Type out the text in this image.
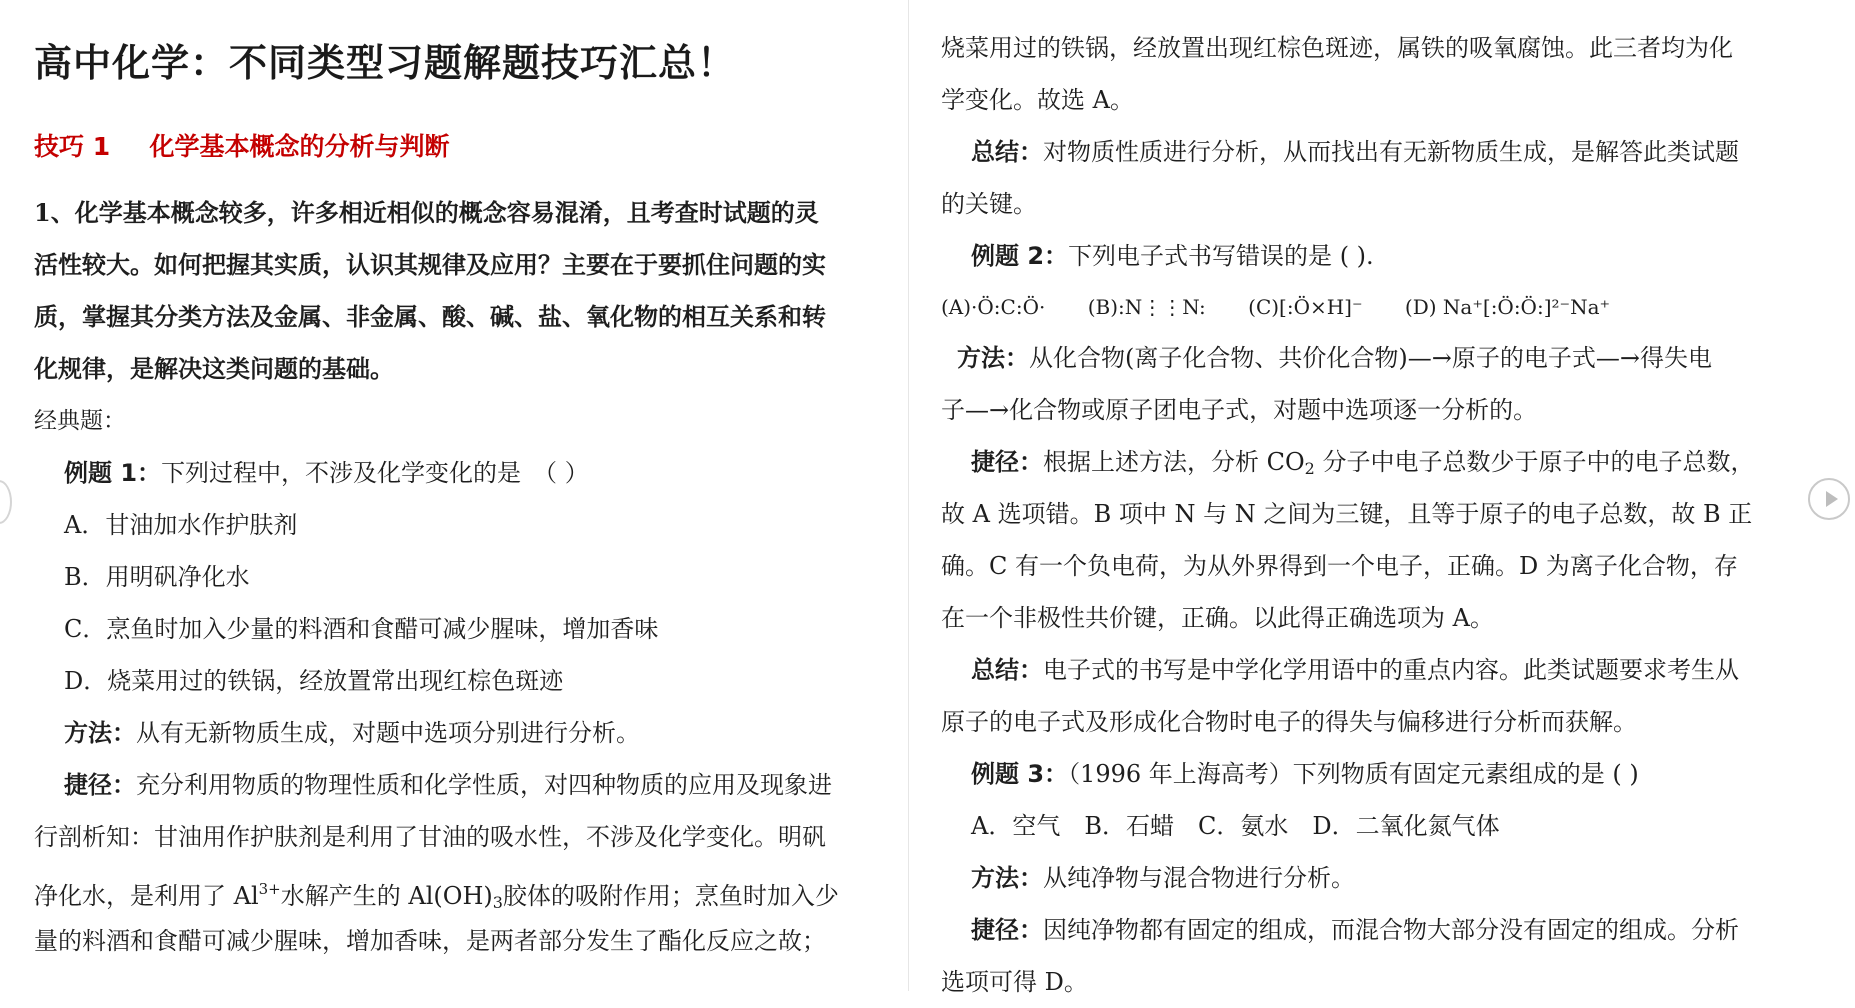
高中化学：不同类型习题解题技巧汇总！
技巧 1 化学基本概念的分析与判断
1、化学基本概念较多，许多相近相似的概念容易混淆，且考查时试题的灵
活性较大。如何把握其实质，认识其规律及应用？主要在于要抓住问题的实
质，掌握其分类方法及金属、非金属、酸、碱、盐、氧化物的相互关系和转
化规律，是解决这类问题的基础。
经典题：
例题 1：下列过程中，不涉及化学变化的是　（ ）
A．甘油加水作护肤剂
B．用明矾净化水
C．烹鱼时加入少量的料酒和食醋可减少腥味，增加香味
D．烧菜用过的铁锅，经放置常出现红棕色斑迹
方法：从有无新物质生成，对题中选项分别进行分析。
捷径：充分利用物质的物理性质和化学性质，对四种物质的应用及现象进
行剖析知：甘油用作护肤剂是利用了甘油的吸水性，不涉及化学变化。明矾
净化水，是利用了 $Al^{3+}$水解产生的 $Al(OH)_3$胶体的吸附作用；烹鱼时加入少
量的料酒和食醋可减少腥味，增加香味，是两者部分发生了酯化反应之故；
烧菜用过的铁锅，经放置出现红棕色斑迹，属铁的吸氧腐蚀。此三者均为化
学变化。故选 A。
总结：对物质性质进行分析，从而找出有无新物质生成，是解答此类试题
的关键。
例题 2：下列电子式书写错误的是 ( ).
(A)·Ö:C:Ö· (B):N⋮⋮N: (C)[:Ö×H]⁻ (D) Na⁺[:Ö:Ö:]²⁻Na⁺
方法：从化合物(离子化合物、共价化合物)—→原子的电子式—→得失电
子—→化合物或原子团电子式，对题中选项逐一分析的。
捷径：根据上述方法，分析 $CO_2$ 分子中电子总数少于原子中的电子总数，
故 A 选项错。B 项中 N 与 N 之间为三键，且等于原子的电子总数，故 B 正
确。C 有一个负电荷，为从外界得到一个电子，正确。D 为离子化合物，存
在一个非极性共价键，正确。以此得正确选项为 A。
总结：电子式的书写是中学化学用语中的重点内容。此类试题要求考生从
原子的电子式及形成化合物时电子的得失与偏移进行分析而获解。
例题 3：（1996 年上海高考）下列物质有固定元素组成的是 ( )
A．空气　B．石蜡　C．氨水　D．二氧化氮气体
方法：从纯净物与混合物进行分析。
捷径：因纯净物都有固定的组成，而混合物大部分没有固定的组成。分析
选项可得 D。
